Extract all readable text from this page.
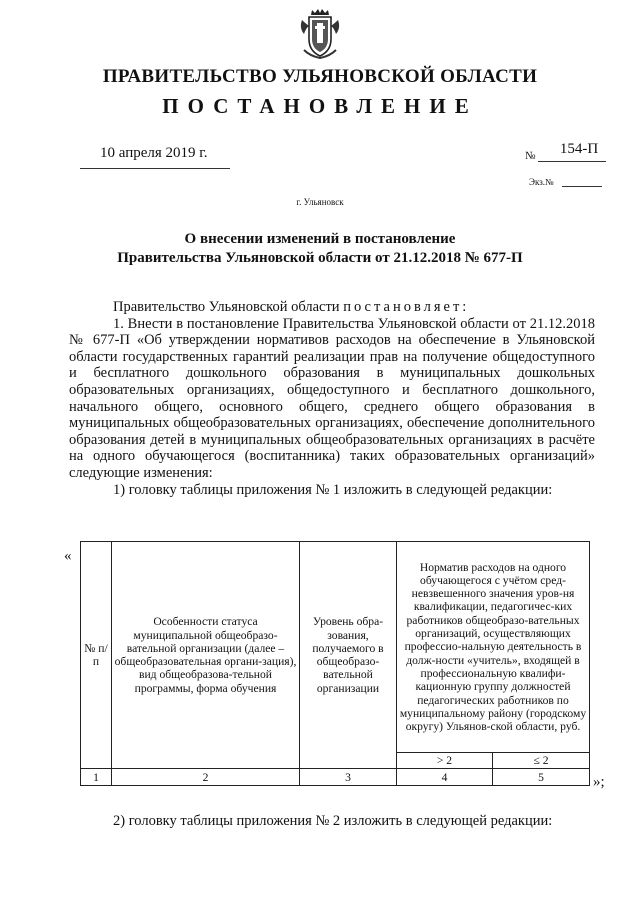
ПРАВИТЕЛЬСТВО УЛЬЯНОВСКОЙ ОБЛАСТИ
ПОСТАНОВЛЕНИЕ
10 апреля 2019 г.	№	154-П
Экз.№
г. Ульяновск
О внесении изменений в постановление
Правительства Ульяновской области от 21.12.2018 № 677-П

Правительство Ульяновской области постановляет:

1. Внести в постановление Правительства Ульяновской области от 21.12.2018 № 677-П «Об утверждении нормативов расходов на обеспечение в Ульяновской области государственных гарантий реализации прав на получение общедоступного и бесплатного дошкольного образования в муниципальных дошкольных образовательных организациях, общедоступного и бесплатного дошкольного, начального общего, основного общего, среднего общего образования в муниципальных общеобразовательных организациях, обеспечение дополнительного образования детей в муниципальных общеобразовательных организациях в расчёте на одного обучающегося (воспитанника) таких образовательных организаций» следующие изменения:

1) головку таблицы приложения № 1 изложить в следующей редакции:

«
№ п/п	Особенности статуса муниципальной общеобразо-вательной организации (далее – общеобразовательная органи-зация), вид общеобразова-тельной программы, форма обучения	Уровень обра-зования, получаемого в общеобразо-вательной организации	Норматив расходов на одного обучающегося с учётом сред-невзвешенного значения уров-ня квалификации, педагогичес-ких работников общеобразо-вательных организаций, осуществляющих профессио-нальную деятельность в долж-ности «учитель», входящей в профессиональную квалифи-кационную группу должностей педагогических работников по муниципальному району (городскому округу) Ульянов-ской области, руб.	
			> 2	≤ 2
1	2	3	4	5	»;
2) головку таблицы приложения № 2 изложить в следующей редакции:
